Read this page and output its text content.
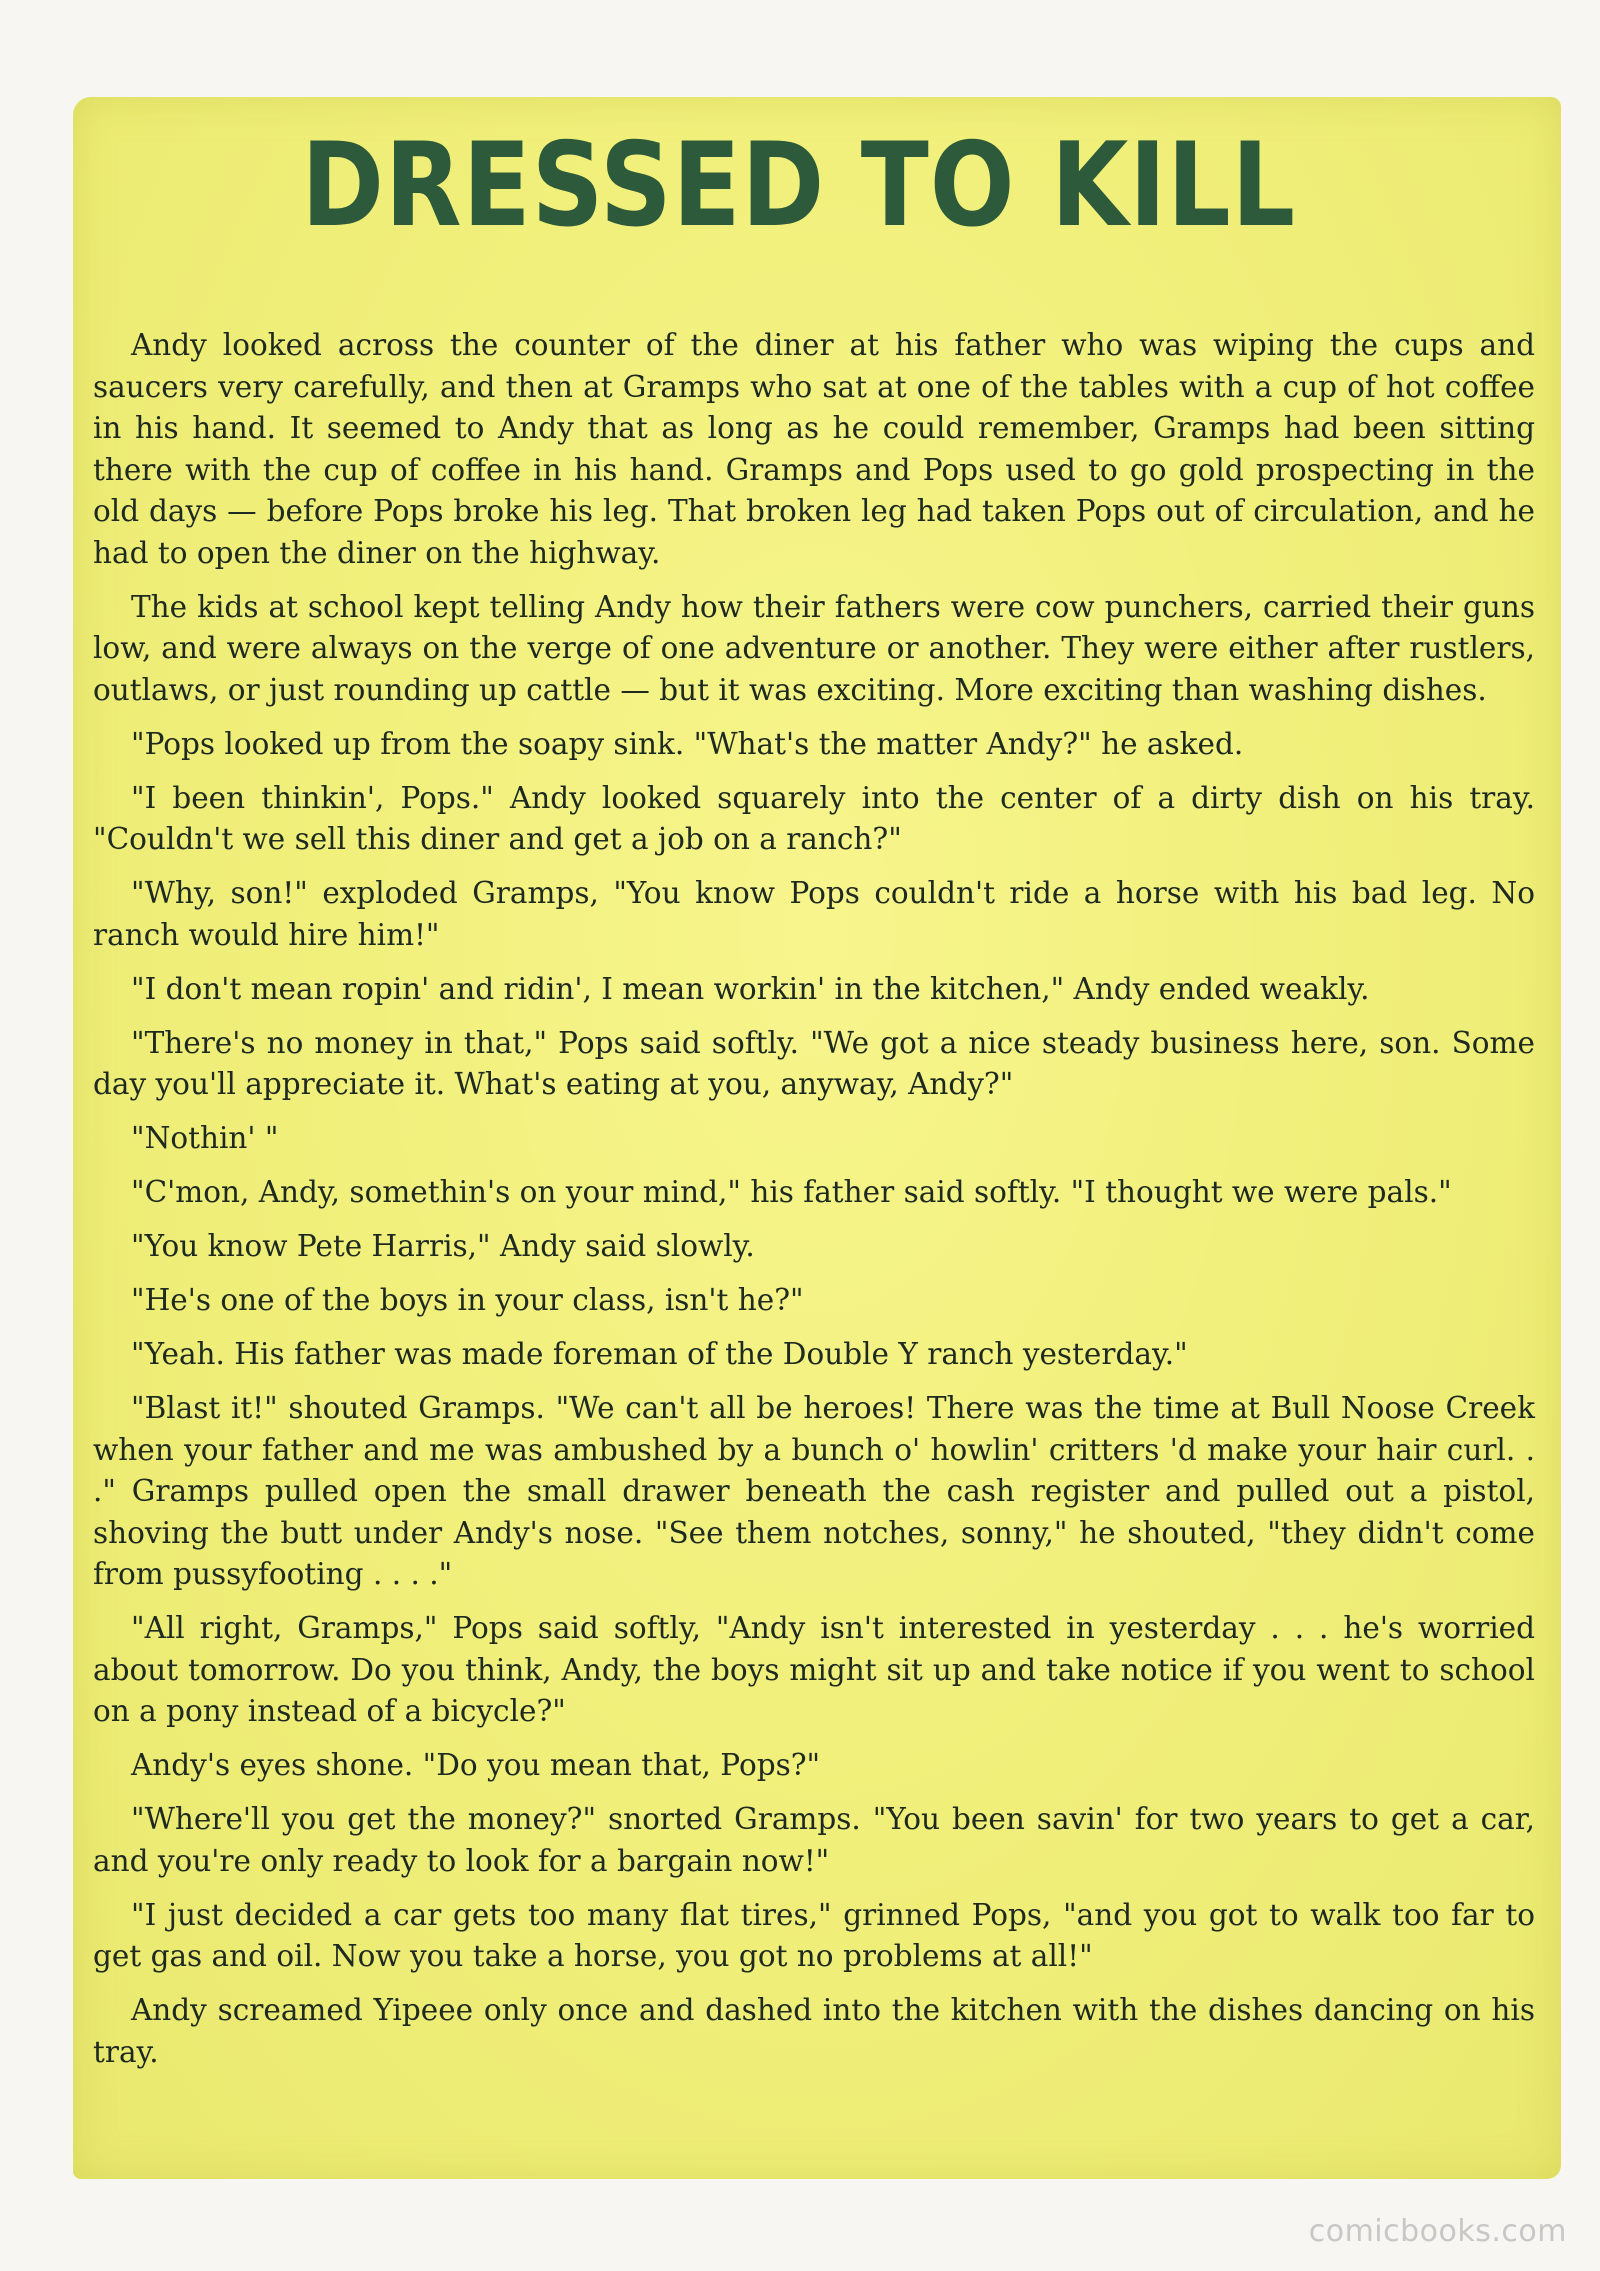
DRESSED TO KILL

Andy looked across the counter of the diner at his father who was wiping the cups and saucers very carefully, and then at Gramps who sat at one of the tables with a cup of hot coffee in his hand. It seemed to Andy that as long as he could remember, Gramps had been sitting there with the cup of coffee in his hand. Gramps and Pops used to go gold prospecting in the old days — before Pops broke his leg. That broken leg had taken Pops out of circulation, and he had to open the diner on the highway.

The kids at school kept telling Andy how their fathers were cow punchers, carried their guns low, and were always on the verge of one adventure or another. They were either after rustlers, outlaws, or just rounding up cattle — but it was exciting. More exciting than washing dishes.

"Pops looked up from the soapy sink. "What's the matter Andy?" he asked.

"I been thinkin', Pops." Andy looked squarely into the center of a dirty dish on his tray. "Couldn't we sell this diner and get a job on a ranch?"

"Why, son!" exploded Gramps, "You know Pops couldn't ride a horse with his bad leg. No ranch would hire him!"

"I don't mean ropin' and ridin', I mean workin' in the kitchen," Andy ended weakly.

"There's no money in that," Pops said softly. "We got a nice steady business here, son. Some day you'll appreciate it. What's eating at you, anyway, Andy?"

"Nothin' "

"C'mon, Andy, somethin's on your mind," his father said softly. "I thought we were pals."

"You know Pete Harris," Andy said slowly.

"He's one of the boys in your class, isn't he?"

"Yeah. His father was made foreman of the Double Y ranch yesterday."

"Blast it!" shouted Gramps. "We can't all be heroes! There was the time at Bull Noose Creek when your father and me was ambushed by a bunch o' howlin' critters 'd make your hair curl. . ." Gramps pulled open the small drawer beneath the cash register and pulled out a pistol, shoving the butt under Andy's nose. "See them notches, sonny," he shouted, "they didn't come from pussyfooting . . . ."

"All right, Gramps," Pops said softly, "Andy isn't interested in yesterday . . . he's worried about tomorrow. Do you think, Andy, the boys might sit up and take notice if you went to school on a pony instead of a bicycle?"

Andy's eyes shone. "Do you mean that, Pops?"

"Where'll you get the money?" snorted Gramps. "You been savin' for two years to get a car, and you're only ready to look for a bargain now!"

"I just decided a car gets too many flat tires," grinned Pops, "and you got to walk too far to get gas and oil. Now you take a horse, you got no problems at all!"

Andy screamed Yipeee only once and dashed into the kitchen with the dishes dancing on his tray.

comicbooks.com
